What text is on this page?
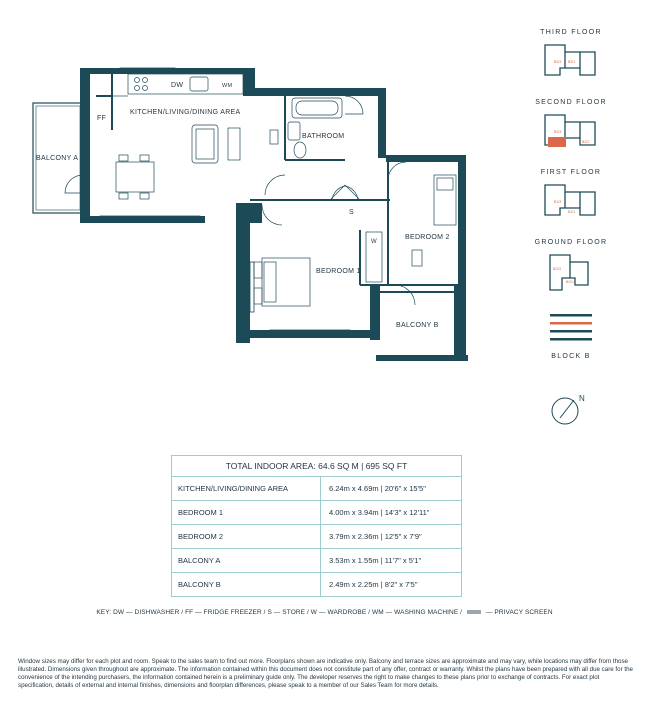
KITCHEN/LIVING/DINING AREA
BATHROOM
BALCONY A
BEDROOM 1
BEDROOM 2
BALCONY B
FF
DW	WM
S
W
THIRD FLOOR
SECOND FLOOR
FIRST FLOOR
GROUND FLOOR
B3/3 B3/1
B2/3
B2/2
B1/3
B1/1
BG/3
BG/1
BLOCK B
N
TOTAL INDOOR AREA: 64.6 SQ M | 695 SQ FT	
KITCHEN/LIVING/DINING AREA	6.24m x 4.69m | 20'6" x 15'5"
BEDROOM 1	4.00m x 3.94m | 14'3" x 12'11"
BEDROOM 2	3.79m x 2.36m | 12'5" x 7'9"
BALCONY A	3.53m x 1.55m | 11'7" x 5'1"
BALCONY B	2.49m x 2.25m | 8'2" x 7'5"
KEY: DW — DISHWASHER / FF — FRIDGE FREEZER / S — STORE / W — WARDROBE / WM — WASHING MACHINE /	— PRIVACY SCREEN
Window sizes may differ for each plot and room. Speak to the sales team to find out more. Floorplans shown are indicative only. Balcony and terrace sizes are approximate and may vary, while locations may differ from those illustrated. Dimensions given throughout are approximate. The information contained within this document does not constitute part of any offer, contract or warranty. Whilst the plans have been prepared with all due care for the convenience of the intending purchasers, the information contained herein is a preliminary guide only. The developer reserves the right to make changes to these plans prior to exchange of contracts. For exact plot specification, details of external and internal finishes, dimensions and floorplan differences, please speak to a member of our Sales Team for more details.
